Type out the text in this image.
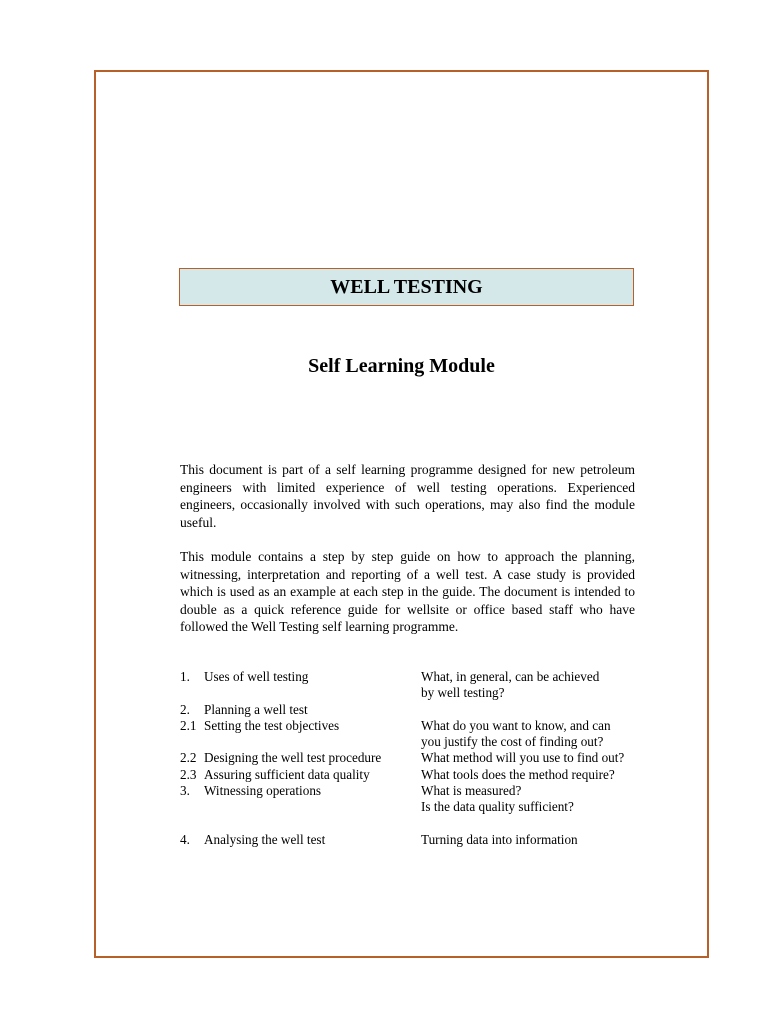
WELL TESTING
Self Learning Module
This document is part of a self learning programme designed for new petroleum engineers with limited experience of well testing operations. Experienced engineers, occasionally involved with such operations, may also find the module useful.
This module contains a step by step guide on how to approach the planning, witnessing, interpretation and reporting of a well test. A case study is provided which is used as an example at each step in the guide. The document is intended to double as a quick reference guide for wellsite or office based staff who have followed the Well Testing self learning programme.
1. Uses of well testing	What, in general, can be achieved
by well testing?
2. Planning a well test
2.1 Setting the test objectives	What do you want to know, and can
you justify the cost of finding out?
2.2 Designing the well test procedure	What method will you use to find out?
2.3 Assuring sufficient data quality	What tools does the method require?
3. Witnessing operations	What is measured?
Is the data quality sufficient?
4. Analysing the well test	Turning data into information
